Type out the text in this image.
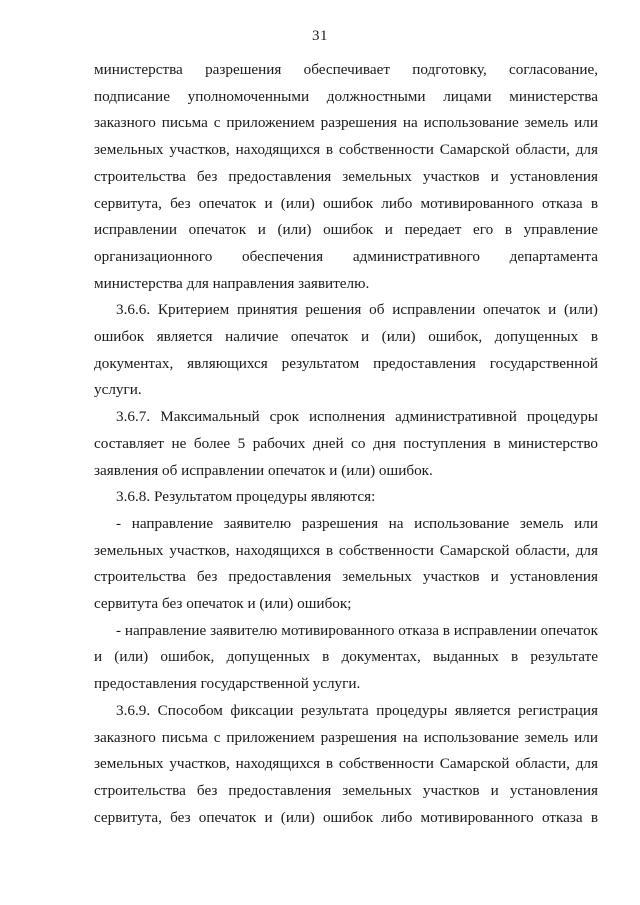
31

министерства разрешения обеспечивает подготовку, согласование, подписание уполномоченными должностными лицами министерства заказного письма с приложением разрешения на использование земель или земельных участков, находящихся в собственности Самарской области, для строительства без предоставления земельных участков и установления сервитута, без опечаток и (или) ошибок либо мотивированного отказа в исправлении опечаток и (или) ошибок и передает его в управление организационного обеспечения административного департамента министерства для направления заявителю.

3.6.6. Критерием принятия решения об исправлении опечаток и (или) ошибок является наличие опечаток и (или) ошибок, допущенных в документах, являющихся результатом предоставления государственной услуги.

3.6.7. Максимальный срок исполнения административной процедуры составляет не более 5 рабочих дней со дня поступления в министерство заявления об исправлении опечаток и (или) ошибок.

3.6.8. Результатом процедуры являются:

- направление заявителю разрешения на использование земель или земельных участков, находящихся в собственности Самарской области, для строительства без предоставления земельных участков и установления сервитута без опечаток и (или) ошибок;

- направление заявителю мотивированного отказа в исправлении опечаток и (или) ошибок, допущенных в документах, выданных в результате предоставления государственной услуги.

3.6.9. Способом фиксации результата процедуры является регистрация заказного письма с приложением разрешения на использование земель или земельных участков, находящихся в собственности Самарской области, для строительства без предоставления земельных участков и установления сервитута, без опечаток и (или) ошибок либо мотивированного отказа в
